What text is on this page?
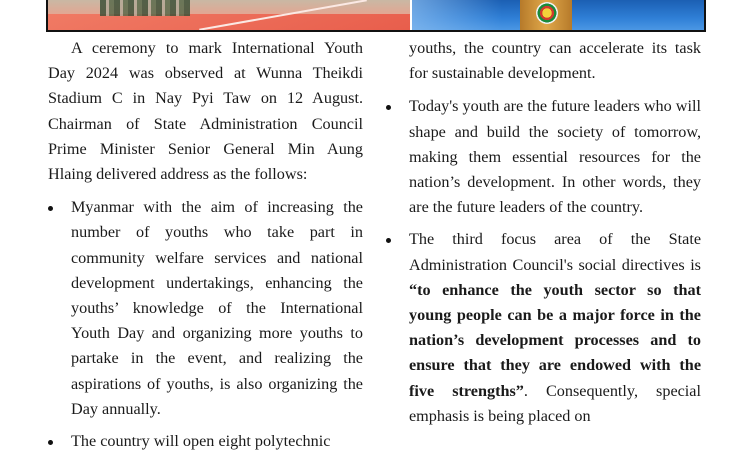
A ceremony to mark International Youth Day 2024 was observed at Wunna Theikdi Stadium C in Nay Pyi Taw on 12 August. Chairman of State Administration Council Prime Minister Senior General Min Aung Hlaing delivered address as the follows:

Myanmar with the aim of increasing the number of youths who take part in community welfare services and national development undertakings, enhancing the youths’ knowledge of the International Youth Day and organizing more youths to partake in the event, and realizing the aspirations of youths, is also organizing the Day annually.
The country will open eight polytechnic

youths, the country can accelerate its task for sustainable development.

Today's youth are the future leaders who will shape and build the society of tomorrow, making them essential resources for the nation’s development. In other words, they are the future leaders of the country.
The third focus area of the State Administration Council's social directives is “to enhance the youth sector so that young people can be a major force in the nation’s development processes and to ensure that they are endowed with the five strengths”. Consequently, special emphasis is being placed on
